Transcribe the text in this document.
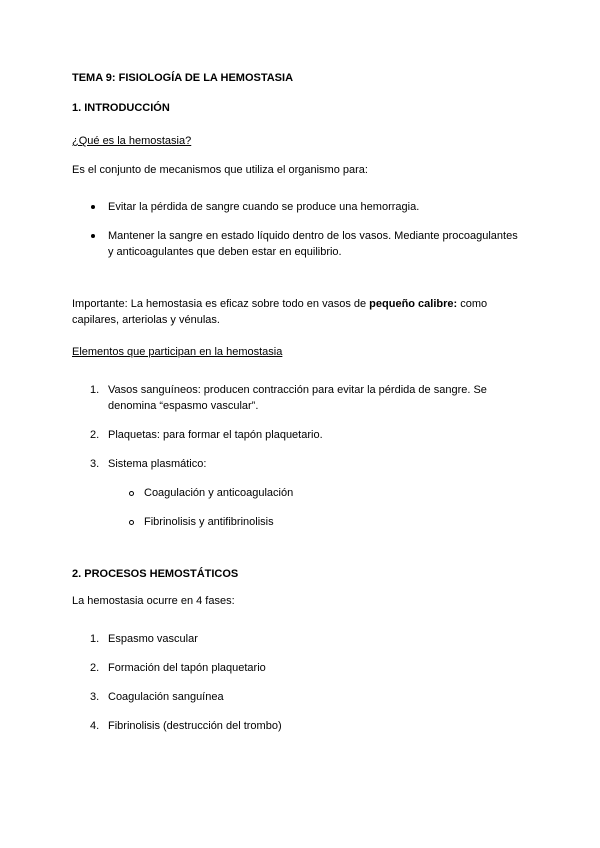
TEMA 9: FISIOLOGÍA DE LA HEMOSTASIA
1. INTRODUCCIÓN
¿Qué es la hemostasia?
Es el conjunto de mecanismos que utiliza el organismo para:
Evitar la pérdida de sangre cuando se produce una hemorragia.
Mantener la sangre en estado líquido dentro de los vasos. Mediante procoagulantes
y anticoagulantes que deben estar en equilibrio.
Importante: La hemostasia es eficaz sobre todo en vasos de pequeño calibre: como
capilares, arteriolas y vénulas.
Elementos que participan en la hemostasia
1. Vasos sanguíneos: producen contracción para evitar la pérdida de sangre. Se
denomina “espasmo vascular”.
2. Plaquetas: para formar el tapón plaquetario.
3. Sistema plasmático:
Coagulación y anticoagulación
Fibrinolisis y antifibrinolisis
2. PROCESOS HEMOSTÁTICOS
La hemostasia ocurre en 4 fases:
1. Espasmo vascular
2. Formación del tapón plaquetario
3. Coagulación sanguínea
4. Fibrinolisis (destrucción del trombo)
